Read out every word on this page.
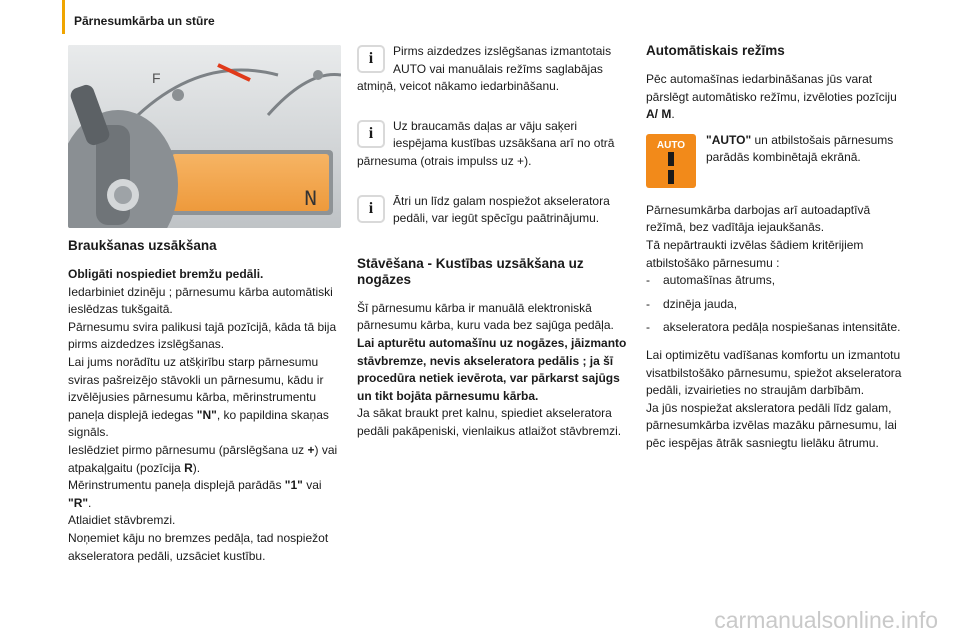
Pārnesumkārba un stūre
F
N
Braukšanas uzsākšana

Obligāti nospiediet bremžu pedāli.

Iedarbiniet dzinēju ; pārnesumu kārba automātiski ieslēdzas tukšgaitā.

Pārnesumu svira palikusi tajā pozīcijā, kāda tā bija pirms aizdedzes izslēgšanas.

Lai jums norādītu uz atšķirību starp pārnesumu sviras pašreizējo stāvokli un pārnesumu, kādu ir izvēlējusies pārnesumu kārba, mērinstrumentu paneļa displejā iedegas "N", ko papildina skaņas signāls.

Ieslēdziet pirmo pārnesumu (pārslēgšana uz +) vai atpakaļgaitu (pozīcija R).

Mērinstrumentu paneļa displejā parādās "1" vai "R".

Atlaidiet stāvbremzi.

Noņemiet kāju no bremzes pedāļa, tad nospiežot akseleratora pedāli, uzsāciet kustību.

i	Pirms aizdedzes izslēgšanas izmantotais AUTO vai manuālais režīms saglabājas atmiņā, veicot nākamo iedarbināšanu.

i	Uz braucamās daļas ar vāju saķeri iespējama kustības uzsākšana arī no otrā pārnesuma (otrais impulss uz +).

i	Ātri un līdz galam nospiežot akseleratora pedāli, var iegūt spēcīgu paātrinājumu.

Stāvēšana - Kustības uzsākšana uz nogāzes

Šī pārnesumu kārba ir manuālā elektroniskā pārnesumu kārba, kuru vada bez sajūga pedāļa.

Lai apturētu automašīnu uz nogāzes, jāizmanto stāvbremze, nevis akseleratora pedālis ; ja šī procedūra netiek ievērota, var pārkarst sajūgs un tikt bojāta pārnesumu kārba.

Ja sākat braukt pret kalnu, spiediet akseleratora pedāli pakāpeniski, vienlaikus atlaižot stāvbremzi.

Automātiskais režīms

Pēc automašīnas iedarbināšanas jūs varat pārslēgt automātisko režīmu, izvēloties pozīciju A/ M.

AUTO	"AUTO" un atbilstošais pārnesums parādās kombinētajā ekrānā.

Pārnesumkārba darbojas arī autoadaptīvā režīmā, bez vadītāja iejaukšanās.

Tā nepārtraukti izvēlas šādiem kritērijiem atbilstošāko pārnesumu :

- automašīnas ātrums,
- dzinēja jauda,
- akseleratora pedāļa nospiešanas intensitāte.

Lai optimizētu vadīšanas komfortu un izmantotu visatbilstošāko pārnesumu, spiežot akseleratora pedāli, izvairieties no straujām darbībām.

Ja jūs nospiežat aksleratora pedāli līdz galam, pārnesumkārba izvēlas mazāku pārnesumu, lai pēc iespējas ātrāk sasniegtu lielāku ātrumu.

carmanualsonline.info
